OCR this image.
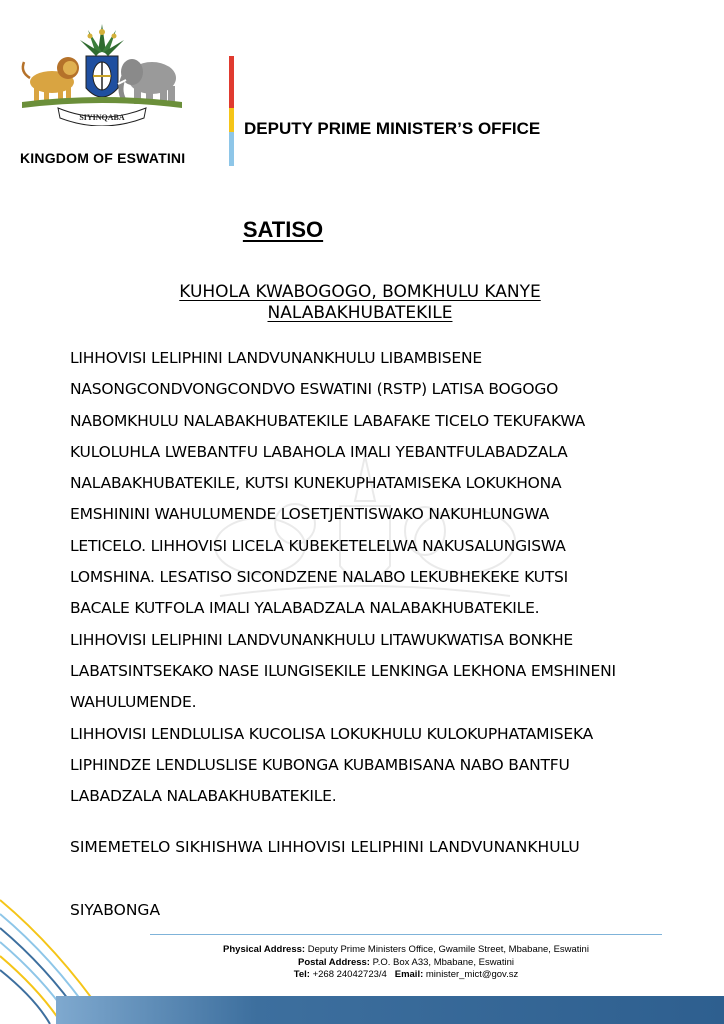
SIYINQABA
KINGDOM OF ESWATINI
DEPUTY PRIME MINISTER’S OFFICE
SATISO
KUHOLA KWABOGOGO, BOMKHULU KANYE
NALABAKHUBATEKILE

LIHHOVISI LELIPHINI LANDVUNANKHULU LIBAMBISENE

NASONGCONDVONGCONDVO ESWATINI (RSTP) LATISA BOGOGO

NABOMKHULU NALABAKHUBATEKILE LABAFAKE TICELO TEKUFAKWA

KULOLUHLA LWEBANTFU LABAHOLA IMALI YEBANTFULABADZALA

NALABAKHUBATEKILE, KUTSI KUNEKUPHATAMISEKA LOKUKHONA

EMSHININI WAHULUMENDE LOSETJENTISWAKO NAKUHLUNGWA

LETICELO. LIHHOVISI LICELA KUBEKETELELWA NAKUSALUNGISWA

LOMSHINA. LESATISO SICONDZENE NALABO LEKUBHEKEKE KUTSI

BACALE KUTFOLA IMALI YALABADZALA NALABAKHUBATEKILE.

LIHHOVISI LELIPHINI LANDVUNANKHULU LITAWUKWATISA BONKHE

LABATSINTSEKAKO NASE ILUNGISEKILE LENKINGA LEKHONA EMSHINENI

WAHULUMENDE.

LIHHOVISI LENDLULISA KUCOLISA LOKUKHULU KULOKUPHATAMISEKA

LIPHINDZE LENDLUSLISE KUBONGA KUBAMBISANA NABO BANTFU

LABADZALA NALABAKHUBATEKILE.

SIMEMETELO SIKHISHWA LIHHOVISI LELIPHINI LANDVUNANKHULU
SIYABONGA
Physical Address: Deputy Prime Ministers Office, Gwamile Street, Mbabane, Eswatini
Postal Address: P.O. Box A33, Mbabane, Eswatini
Tel: +268 24042723/4 Email: minister_mict@gov.sz
